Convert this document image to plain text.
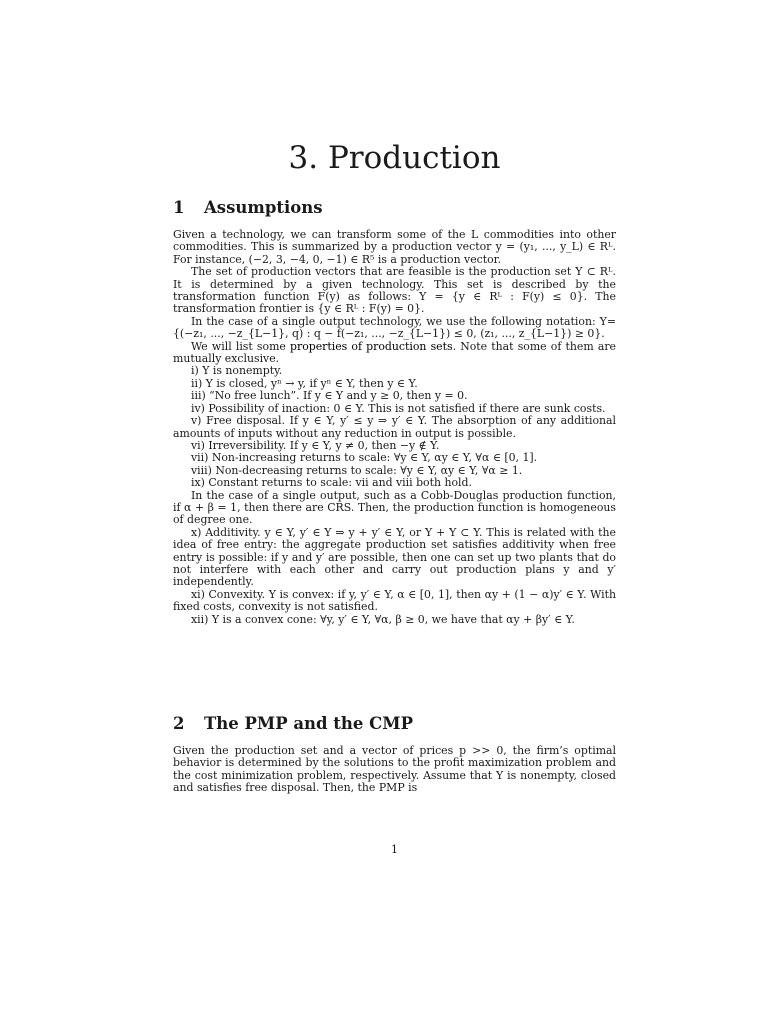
3. Production
1 Assumptions

Given a technology, we can transform some of the L commodities into other commodities. This is summarized by a production vector y = (y₁, ..., y_L) ∈ Rᴸ. For instance, (−2, 3, −4, 0, −1) ∈ R⁵ is a production vector.

The set of production vectors that are feasible is the production set Y ⊂ Rᴸ. It is determined by a given technology. This set is described by the transformation function F(y) as follows: Y = {y ∈ Rᴸ : F(y) ≤ 0}. The transformation frontier is {y ∈ Rᴸ : F(y) = 0}.

In the case of a single output technology, we use the following notation: Y= {(−z₁, ..., −z_{L−1}, q) : q − f(−z₁, ..., −z_{L−1}) ≤ 0, (z₁, ..., z_{L−1}) ≥ 0}.

We will list some properties of production sets. Note that some of them are mutually exclusive.

i) Y is nonempty.

ii) Y is closed, yⁿ → y, if yⁿ ∈ Y, then y ∈ Y.

iii) “No free lunch”. If y ∈ Y and y ≥ 0, then y = 0.

iv) Possibility of inaction: 0 ∈ Y. This is not satisfied if there are sunk costs.

v) Free disposal. If y ∈ Y, y′ ≤ y ⇒ y′ ∈ Y. The absorption of any additional amounts of inputs without any reduction in output is possible.

vi) Irreversibility. If y ∈ Y, y ≠ 0, then −y ∉ Y.

vii) Non-increasing returns to scale: ∀y ∈ Y, αy ∈ Y, ∀α ∈ [0, 1].

viii) Non-decreasing returns to scale: ∀y ∈ Y, αy ∈ Y, ∀α ≥ 1.

ix) Constant returns to scale: vii and viii both hold.

In the case of a single output, such as a Cobb-Douglas production function, if α + β = 1, then there are CRS. Then, the production function is homogeneous of degree one.

x) Additivity. y ∈ Y, y′ ∈ Y ⇒ y + y′ ∈ Y, or Y + Y ⊂ Y. This is related with the idea of free entry: the aggregate production set satisfies additivity when free entry is possible: if y and y′ are possible, then one can set up two plants that do not interfere with each other and carry out production plans y and y′ independently.

xi) Convexity. Y is convex: if y, y′ ∈ Y, α ∈ [0, 1], then αy + (1 − α)y′ ∈ Y. With fixed costs, convexity is not satisfied.

xii) Y is a convex cone: ∀y, y′ ∈ Y, ∀α, β ≥ 0, we have that αy + βy′ ∈ Y.

2 The PMP and the CMP

Given the production set and a vector of prices p >> 0, the firm’s optimal behavior is determined by the solutions to the profit maximization problem and the cost minimization problem, respectively. Assume that Y is nonempty, closed and satisfies free disposal. Then, the PMP is

1
